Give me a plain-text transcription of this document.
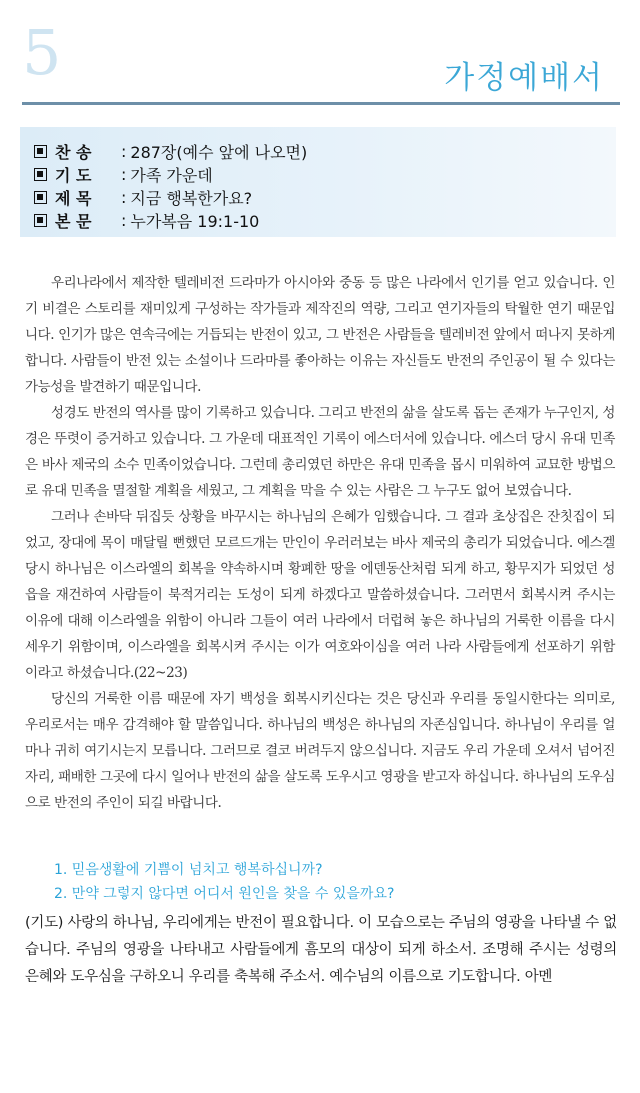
5	가정예배서
찬 송	: 287장(예수 앞에 나오면)
기 도	: 가족 가운데
제 목	: 지금 행복한가요?
본 문	: 누가복음 19:1-10

우리나라에서 제작한 텔레비전 드라마가 아시아와 중동 등 많은 나라에서 인기를 얻고 있습니다. 인기 비결은 스토리를 재미있게 구성하는 작가들과 제작진의 역량, 그리고 연기자들의 탁월한 연기 때문입니다. 인기가 많은 연속극에는 거듭되는 반전이 있고, 그 반전은 사람들을 텔레비전 앞에서 떠나지 못하게 합니다. 사람들이 반전 있는 소설이나 드라마를 좋아하는 이유는 자신들도 반전의 주인공이 될 수 있다는 가능성을 발견하기 때문입니다.

성경도 반전의 역사를 많이 기록하고 있습니다. 그리고 반전의 삶을 살도록 돕는 존재가 누구인지, 성경은 뚜렷이 증거하고 있습니다. 그 가운데 대표적인 기록이 에스더서에 있습니다. 에스더 당시 유대 민족은 바사 제국의 소수 민족이었습니다. 그런데 총리였던 하만은 유대 민족을 몹시 미워하여 교묘한 방법으로 유대 민족을 멸절할 계획을 세웠고, 그 계획을 막을 수 있는 사람은 그 누구도 없어 보였습니다.

그러나 손바닥 뒤집듯 상황을 바꾸시는 하나님의 은혜가 임했습니다. 그 결과 초상집은 잔칫집이 되었고, 장대에 목이 매달릴 뻔했던 모르드개는 만인이 우러러보는 바사 제국의 총리가 되었습니다. 에스겔 당시 하나님은 이스라엘의 회복을 약속하시며 황폐한 땅을 에덴동산처럼 되게 하고, 황무지가 되었던 성읍을 재건하여 사람들이 북적거리는 도성이 되게 하겠다고 말씀하셨습니다. 그러면서 회복시켜 주시는 이유에 대해 이스라엘을 위함이 아니라 그들이 여러 나라에서 더럽혀 놓은 하나님의 거룩한 이름을 다시 세우기 위함이며, 이스라엘을 회복시켜 주시는 이가 여호와이심을 여러 나라 사람들에게 선포하기 위함이라고 하셨습니다.(22~23)

당신의 거룩한 이름 때문에 자기 백성을 회복시키신다는 것은 당신과 우리를 동일시한다는 의미로, 우리로서는 매우 감격해야 할 말씀입니다. 하나님의 백성은 하나님의 자존심입니다. 하나님이 우리를 얼마나 귀히 여기시는지 모릅니다. 그러므로 결코 버려두지 않으십니다. 지금도 우리 가운데 오셔서 넘어진 자리, 패배한 그곳에 다시 일어나 반전의 삶을 살도록 도우시고 영광을 받고자 하십니다. 하나님의 도우심으로 반전의 주인이 되길 바랍니다.

1. 믿음생활에 기쁨이 넘치고 행복하십니까?
2. 만약 그렇지 않다면 어디서 원인을 찾을 수 있을까요?
(기도) 사랑의 하나님, 우리에게는 반전이 필요합니다. 이 모습으로는 주님의 영광을 나타낼 수 없습니다. 주님의 영광을 나타내고 사람들에게 흠모의 대상이 되게 하소서. 조명해 주시는 성령의 은혜와 도우심을 구하오니 우리를 축복해 주소서. 예수님의 이름으로 기도합니다. 아멘
